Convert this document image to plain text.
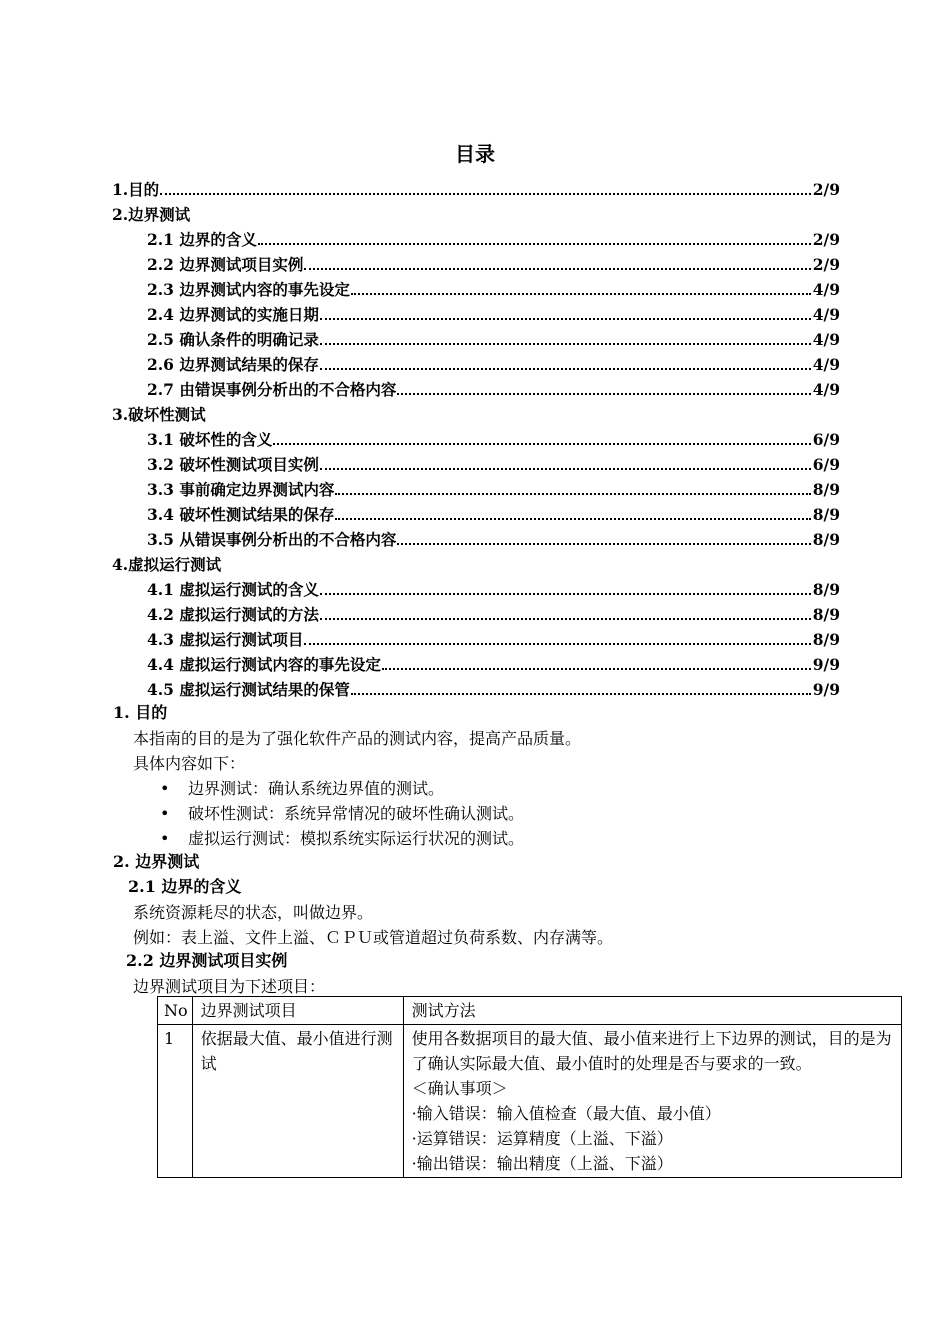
目录
1.目的	2/9
2.边界测试
2.1 边界的含义	2/9
2.2 边界测试项目实例	2/9
2.3 边界测试内容的事先设定	4/9
2.4 边界测试的实施日期	4/9
2.5 确认条件的明确记录	4/9
2.6 边界测试结果的保存	4/9
2.7 由错误事例分析出的不合格内容	4/9
3.破坏性测试
3.1 破坏性的含义	6/9
3.2 破坏性测试项目实例	6/9
3.3 事前确定边界测试内容	8/9
3.4 破坏性测试结果的保存	8/9
3.5 从错误事例分析出的不合格内容	8/9
4.虚拟运行测试
4.1 虚拟运行测试的含义	8/9
4.2 虚拟运行测试的方法	8/9
4.3 虚拟运行测试项目	8/9
4.4 虚拟运行测试内容的事先设定	9/9
4.5 虚拟运行测试结果的保管	9/9
1. 目的
本指南的目的是为了强化软件产品的测试内容，提高产品质量。
具体内容如下：
• 边界测试：确认系统边界值的测试。
• 破坏性测试：系统异常情况的破坏性确认测试。
• 虚拟运行测试：模拟系统实际运行状况的测试。
2. 边界测试
2.1 边界的含义
系统资源耗尽的状态，叫做边界。
例如：表上溢、文件上溢、ＣＰＵ或管道超过负荷系数、内存满等。
2.2 边界测试项目实例
边界测试项目为下述项目：
No	边界测试项目	测试方法
1	依据最大值、最小值进行测试	使用各数据项目的最大值、最小值来进行上下边界的测试，目的是为了确认实际最大值、最小值时的处理是否与要求的一致。
＜确认事项＞
·输入错误：输入值检查（最大值、最小值）
·运算错误：运算精度（上溢、下溢）
·输出错误：输出精度（上溢、下溢）
